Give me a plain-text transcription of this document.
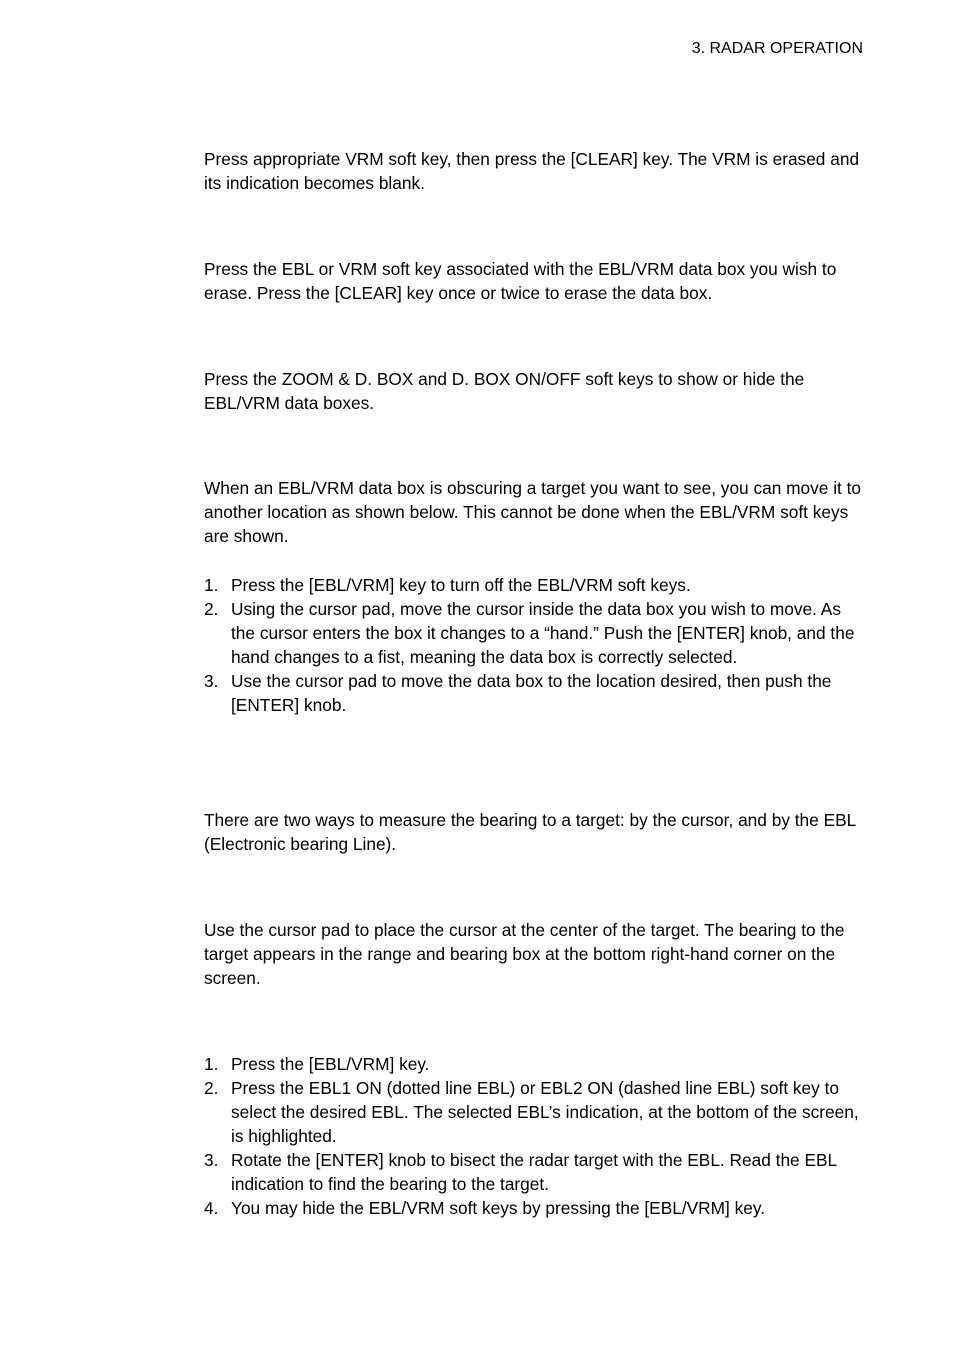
3. RADAR OPERATION

Press appropriate VRM soft key, then press the [CLEAR] key. The VRM is erased and its indication becomes blank.

Press the EBL or VRM soft key associated with the EBL/VRM data box you wish to erase. Press the [CLEAR] key once or twice to erase the data box.

Press the ZOOM & D. BOX and D. BOX ON/OFF soft keys to show or hide the EBL/VRM data boxes.

When an EBL/VRM data box is obscuring a target you want to see, you can move it to another location as shown below. This cannot be done when the EBL/VRM soft keys are shown.

1. Press the [EBL/VRM] key to turn off the EBL/VRM soft keys.
2. Using the cursor pad, move the cursor inside the data box you wish to move. As the cursor enters the box it changes to a “hand.” Push the [ENTER] knob, and the hand changes to a fist, meaning the data box is correctly selected.
3. Use the cursor pad to move the data box to the location desired, then push the [ENTER] knob.

There are two ways to measure the bearing to a target: by the cursor, and by the EBL (Electronic bearing Line).

Use the cursor pad to place the cursor at the center of the target. The bearing to the target appears in the range and bearing box at the bottom right-hand corner on the screen.

1. Press the [EBL/VRM] key.
2. Press the EBL1 ON (dotted line EBL) or EBL2 ON (dashed line EBL) soft key to select the desired EBL. The selected EBL’s indication, at the bottom of the screen, is highlighted.
3. Rotate the [ENTER] knob to bisect the radar target with the EBL. Read the EBL indication to find the bearing to the target.
4. You may hide the EBL/VRM soft keys by pressing the [EBL/VRM] key.
